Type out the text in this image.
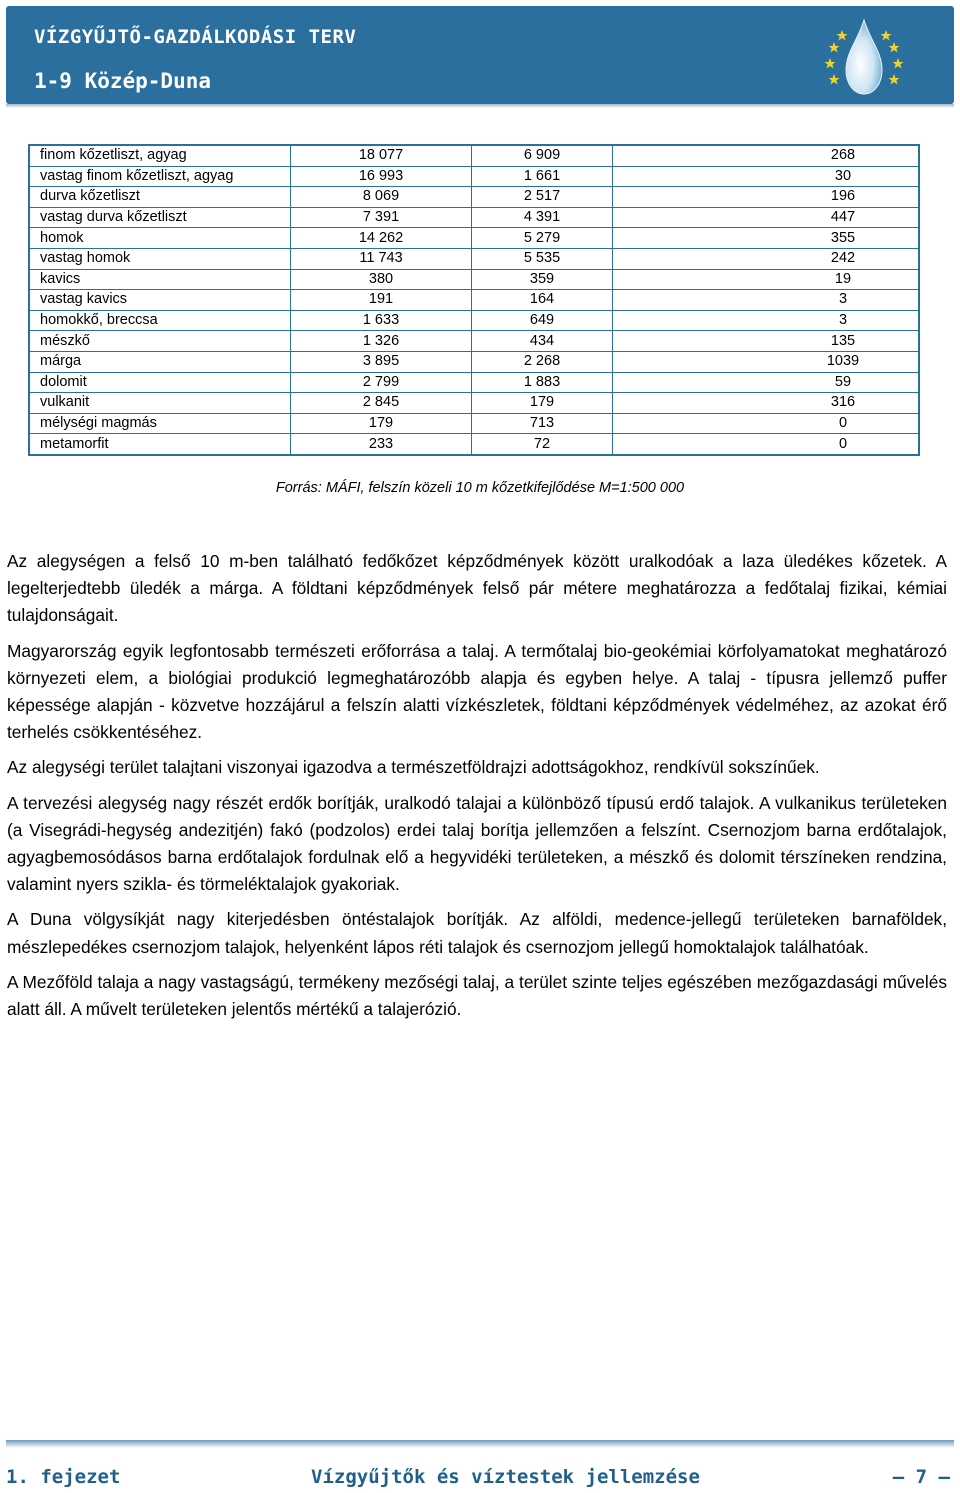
VÍZGYŰJTŐ-GAZDÁLKODÁSI TERV
1-9 Közép-Duna
finom kőzetliszt, agyag	18 077	6 909	268

vastag finom kőzetliszt, agyag	16 993	1 661	30

durva kőzetliszt	8 069	2 517	196

vastag durva kőzetliszt	7 391	4 391	447

homok	14 262	5 279	355

vastag homok	11 743	5 535	242

kavics	380	359	19

vastag kavics	191	164	3

homokkő, breccsa	1 633	649	3

mészkő	1 326	434	135

márga	3 895	2 268	1039

dolomit	2 799	1 883	59

vulkanit	2 845	179	316

mélységi magmás	179	713	0

metamorfit	233	72	0
Forrás: MÁFI, felszín közeli 10 m kőzetkifejlődése M=1:500 000

Az alegységen a felső 10 m-ben található fedőkőzet képződmények között uralkodóak a laza üledékes kőzetek. A legelterjedtebb üledék a márga. A földtani képződmények felső pár métere meghatározza a fedőtalaj fizikai, kémiai tulajdonságait.

Magyarország egyik legfontosabb természeti erőforrása a talaj. A termőtalaj bio-geokémiai körfolyamatokat meghatározó környezeti elem, a biológiai produkció legmeghatározóbb alapja és egyben helye. A talaj - típusra jellemző puffer képessége alapján - közvetve hozzájárul a felszín alatti vízkészletek, földtani képződmények védelméhez, az azokat érő terhelés csökkentéséhez.

Az alegységi terület talajtani viszonyai igazodva a természetföldrajzi adottságokhoz, rendkívül sokszínűek.

A tervezési alegység nagy részét erdők borítják, uralkodó talajai a különböző típusú erdő talajok. A vulkanikus területeken (a Visegrádi-hegység andezitjén) fakó (podzolos) erdei talaj borítja jellemzően a felszínt. Csernozjom barna erdőtalajok, agyagbemosódásos barna erdőtalajok fordulnak elő a hegyvidéki területeken, a mészkő és dolomit térszíneken rendzina, valamint nyers szikla- és törmeléktalajok gyakoriak.

A Duna völgysíkját nagy kiterjedésben öntéstalajok borítják. Az alföldi, medence-jellegű területeken barnaföldek, mészlepedékes csernozjom talajok, helyenként lápos réti talajok és csernozjom jellegű homoktalajok találhatóak.

A Mezőföld talaja a nagy vastagságú, termékeny mezőségi talaj, a terület szinte teljes egészében mezőgazdasági művelés alatt áll. A művelt területeken jelentős mértékű a talajerózió.

1. fejezet	Vízgyűjtők és víztestek jellemzése	— 7 —
